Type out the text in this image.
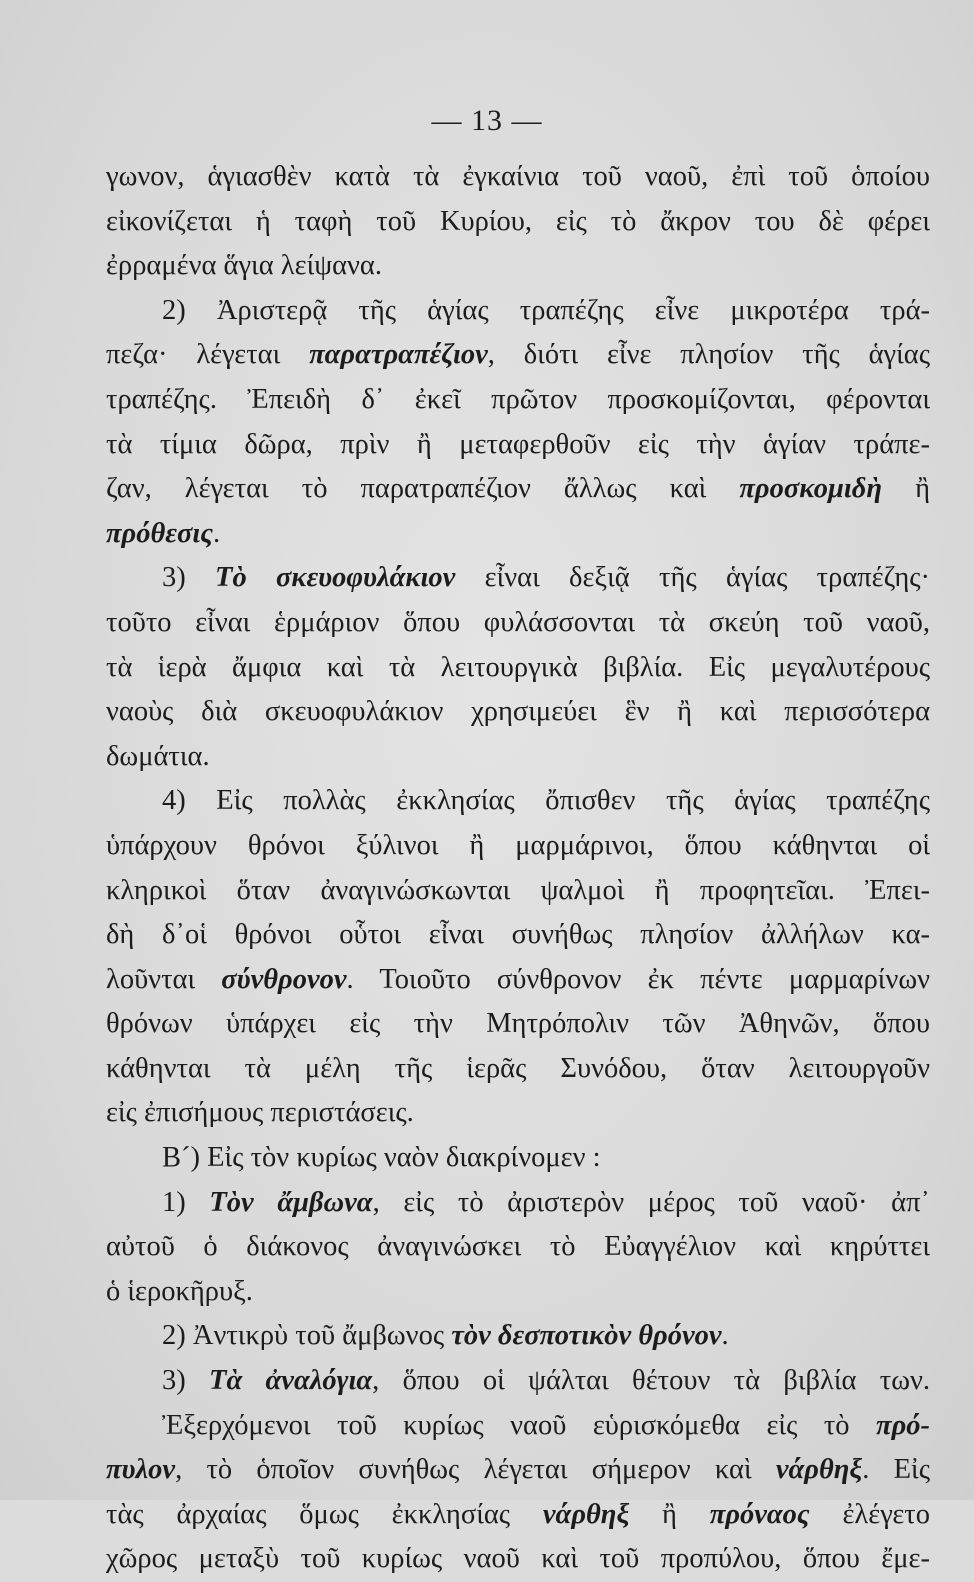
— 13 —
γωνον, ἁγιασθὲν κατὰ τὰ ἐγκαίνια τοῦ ναοῦ, ἐπὶ τοῦ ὁποίου
εἰκονίζεται ἡ ταφὴ τοῦ Κυρίου, εἰς τὸ ἄκρον του δὲ φέρει
ἐρραμένα ἅγια λείψανα.
2) Ἀριστερᾷ τῆς ἁγίας τραπέζης εἶνε μικροτέρα τρά-
πεζα· λέγεται παρατραπέζιον, διότι εἶνε πλησίον τῆς ἁγίας
τραπέζης. Ἐπειδὴ δ᾽ ἐκεῖ πρῶτον προσκομίζονται, φέρονται
τὰ τίμια δῶρα, πρὶν ἢ μεταφερθοῦν εἰς τὴν ἁγίαν τράπε-
ζαν, λέγεται τὸ παρατραπέζιον ἄλλως καὶ προσκομιδὴ ἢ
πρόθεσις.
3) Τὸ σκευοφυλάκιον εἶναι δεξιᾷ τῆς ἁγίας τραπέζης·
τοῦτο εἶναι ἑρμάριον ὅπου φυλάσσονται τὰ σκεύη τοῦ ναοῦ,
τὰ ἱερὰ ἄμφια καὶ τὰ λειτουργικὰ βιβλία. Εἰς μεγαλυτέρους
ναοὺς διὰ σκευοφυλάκιον χρησιμεύει ἓν ἢ καὶ περισσότερα
δωμάτια.
4) Εἰς πολλὰς ἐκκλησίας ὄπισθεν τῆς ἁγίας τραπέζης
ὑπάρχουν θρόνοι ξύλινοι ἢ μαρμάρινοι, ὅπου κάθηνται οἱ
κληρικοὶ ὅταν ἀναγινώσκωνται ψαλμοὶ ἢ προφητεῖαι. Ἐπει-
δὴ δ᾽οἱ θρόνοι οὗτοι εἶναι συνήθως πλησίον ἀλλήλων κα-
λοῦνται σύνθρονον. Τοιοῦτο σύνθρονον ἐκ πέντε μαρμαρίνων
θρόνων ὑπάρχει εἰς τὴν Μητρόπολιν τῶν Ἀθηνῶν, ὅπου
κάθηνται τὰ μέλη τῆς ἱερᾶς Συνόδου, ὅταν λειτουργοῦν
εἰς ἐπισήμους περιστάσεις.
Β´) Εἰς τὸν κυρίως ναὸν διακρίνομεν :
1) Τὸν ἄμβωνα, εἰς τὸ ἀριστερὸν μέρος τοῦ ναοῦ· ἀπ᾽
αὐτοῦ ὁ διάκονος ἀναγινώσκει τὸ Εὐαγγέλιον καὶ κηρύττει
ὁ ἱεροκῆρυξ.
2) Ἀντικρὺ τοῦ ἄμβωνος τὸν δεσποτικὸν θρόνον.
3) Τὰ ἀναλόγια, ὅπου οἱ ψάλται θέτουν τὰ βιβλία των.
Ἐξερχόμενοι τοῦ κυρίως ναοῦ εὑρισκόμεθα εἰς τὸ πρό-
πυλον, τὸ ὁποῖον συνήθως λέγεται σήμερον καὶ νάρθηξ. Εἰς
τὰς ἀρχαίας ὅμως ἐκκλησίας νάρθηξ ἢ πρόναος ἐλέγετο
χῶρος μεταξὺ τοῦ κυρίως ναοῦ καὶ τοῦ προπύλου, ὅπου ἔμε-
